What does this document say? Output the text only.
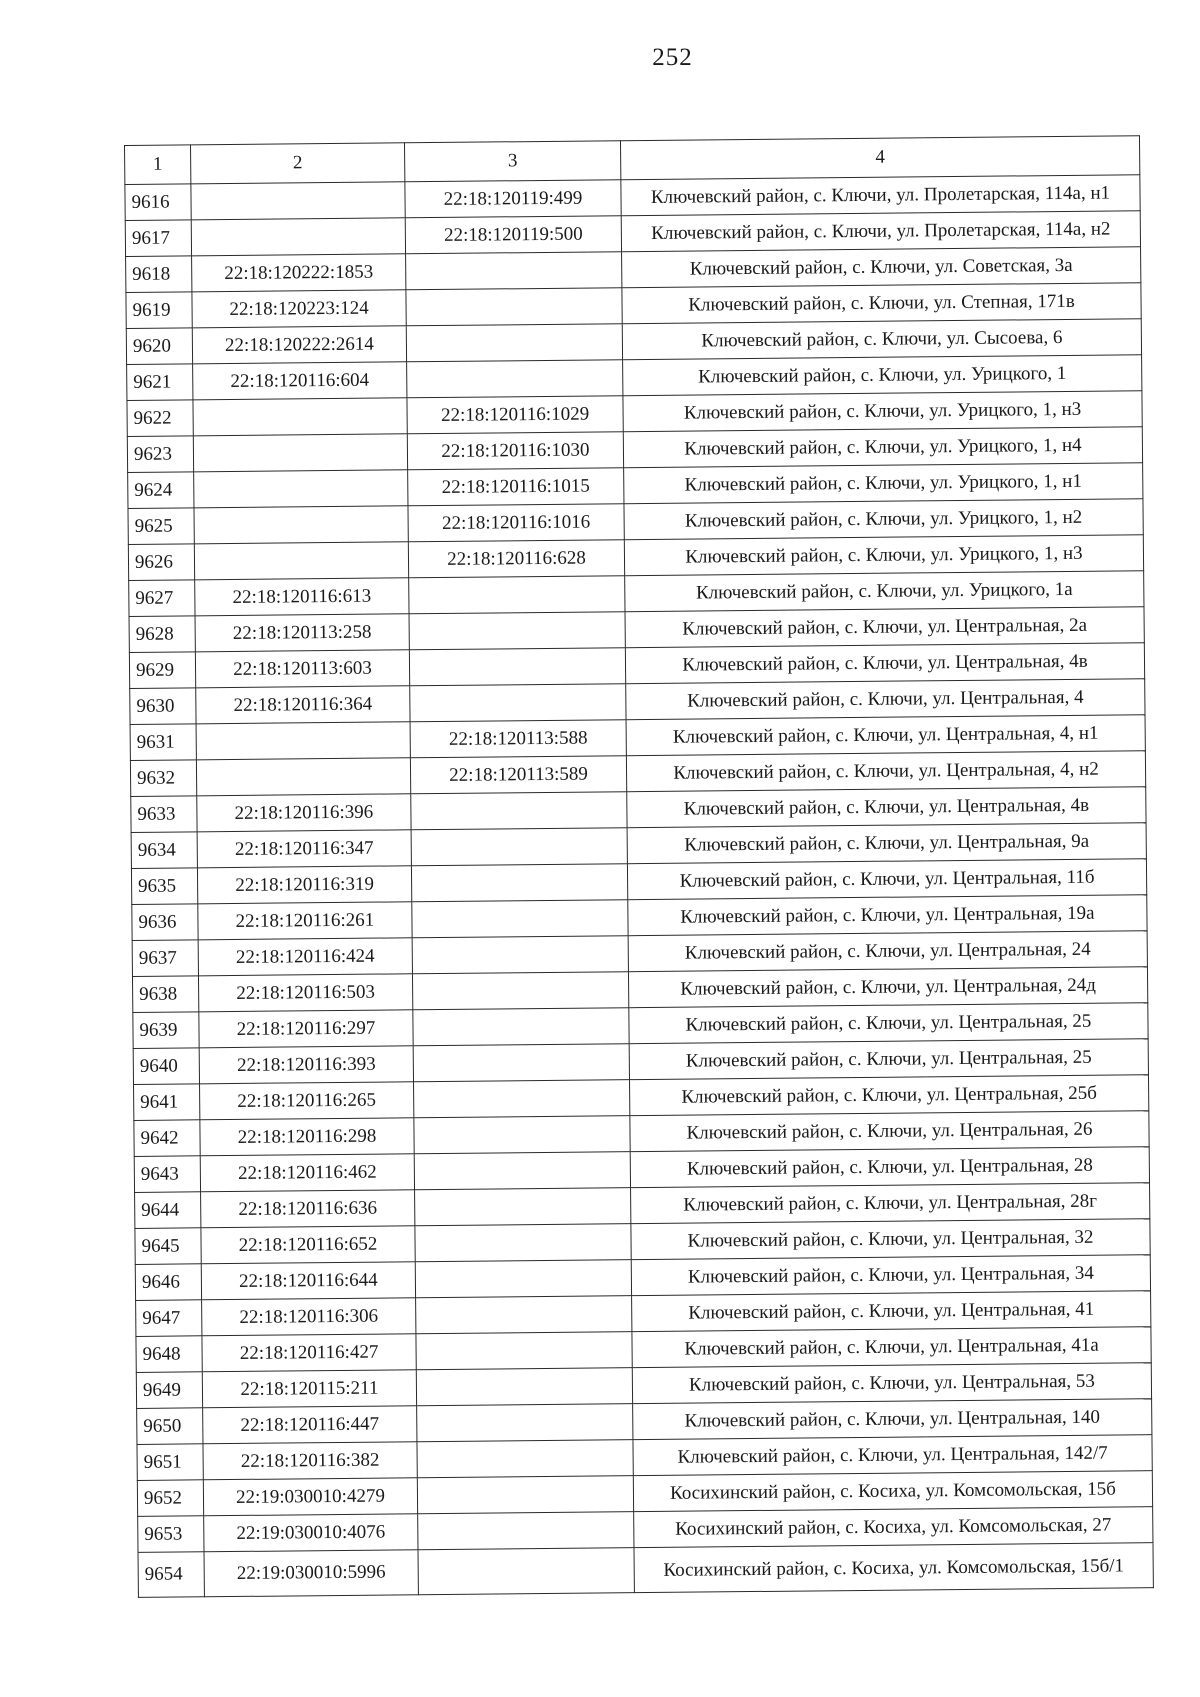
252
1	2	3	4
9616		22:18:120119:499	Ключевский район, с. Ключи, ул. Пролетарская, 114а, н1
9617		22:18:120119:500	Ключевский район, с. Ключи, ул. Пролетарская, 114а, н2
9618	22:18:120222:1853		Ключевский район, с. Ключи, ул. Советская, 3а
9619	22:18:120223:124		Ключевский район, с. Ключи, ул. Степная, 171в
9620	22:18:120222:2614		Ключевский район, с. Ключи, ул. Сысоева, 6
9621	22:18:120116:604		Ключевский район, с. Ключи, ул. Урицкого, 1
9622		22:18:120116:1029	Ключевский район, с. Ключи, ул. Урицкого, 1, н3
9623		22:18:120116:1030	Ключевский район, с. Ключи, ул. Урицкого, 1, н4
9624		22:18:120116:1015	Ключевский район, с. Ключи, ул. Урицкого, 1, н1
9625		22:18:120116:1016	Ключевский район, с. Ключи, ул. Урицкого, 1, н2
9626		22:18:120116:628	Ключевский район, с. Ключи, ул. Урицкого, 1, н3
9627	22:18:120116:613		Ключевский район, с. Ключи, ул. Урицкого, 1а
9628	22:18:120113:258		Ключевский район, с. Ключи, ул. Центральная, 2а
9629	22:18:120113:603		Ключевский район, с. Ключи, ул. Центральная, 4в
9630	22:18:120116:364		Ключевский район, с. Ключи, ул. Центральная, 4
9631		22:18:120113:588	Ключевский район, с. Ключи, ул. Центральная, 4, н1
9632		22:18:120113:589	Ключевский район, с. Ключи, ул. Центральная, 4, н2
9633	22:18:120116:396		Ключевский район, с. Ключи, ул. Центральная, 4в
9634	22:18:120116:347		Ключевский район, с. Ключи, ул. Центральная, 9а
9635	22:18:120116:319		Ключевский район, с. Ключи, ул. Центральная, 11б
9636	22:18:120116:261		Ключевский район, с. Ключи, ул. Центральная, 19а
9637	22:18:120116:424		Ключевский район, с. Ключи, ул. Центральная, 24
9638	22:18:120116:503		Ключевский район, с. Ключи, ул. Центральная, 24д
9639	22:18:120116:297		Ключевский район, с. Ключи, ул. Центральная, 25
9640	22:18:120116:393		Ключевский район, с. Ключи, ул. Центральная, 25
9641	22:18:120116:265		Ключевский район, с. Ключи, ул. Центральная, 25б
9642	22:18:120116:298		Ключевский район, с. Ключи, ул. Центральная, 26
9643	22:18:120116:462		Ключевский район, с. Ключи, ул. Центральная, 28
9644	22:18:120116:636		Ключевский район, с. Ключи, ул. Центральная, 28г
9645	22:18:120116:652		Ключевский район, с. Ключи, ул. Центральная, 32
9646	22:18:120116:644		Ключевский район, с. Ключи, ул. Центральная, 34
9647	22:18:120116:306		Ключевский район, с. Ключи, ул. Центральная, 41
9648	22:18:120116:427		Ключевский район, с. Ключи, ул. Центральная, 41а
9649	22:18:120115:211		Ключевский район, с. Ключи, ул. Центральная, 53
9650	22:18:120116:447		Ключевский район, с. Ключи, ул. Центральная, 140
9651	22:18:120116:382		Ключевский район, с. Ключи, ул. Центральная, 142/7
9652	22:19:030010:4279		Косихинский район, с. Косиха, ул. Комсомольская, 15б
9653	22:19:030010:4076		Косихинский район, с. Косиха, ул. Комсомольская, 27
9654	22:19:030010:5996		Косихинский район, с. Косиха, ул. Комсомольская, 15б/1
